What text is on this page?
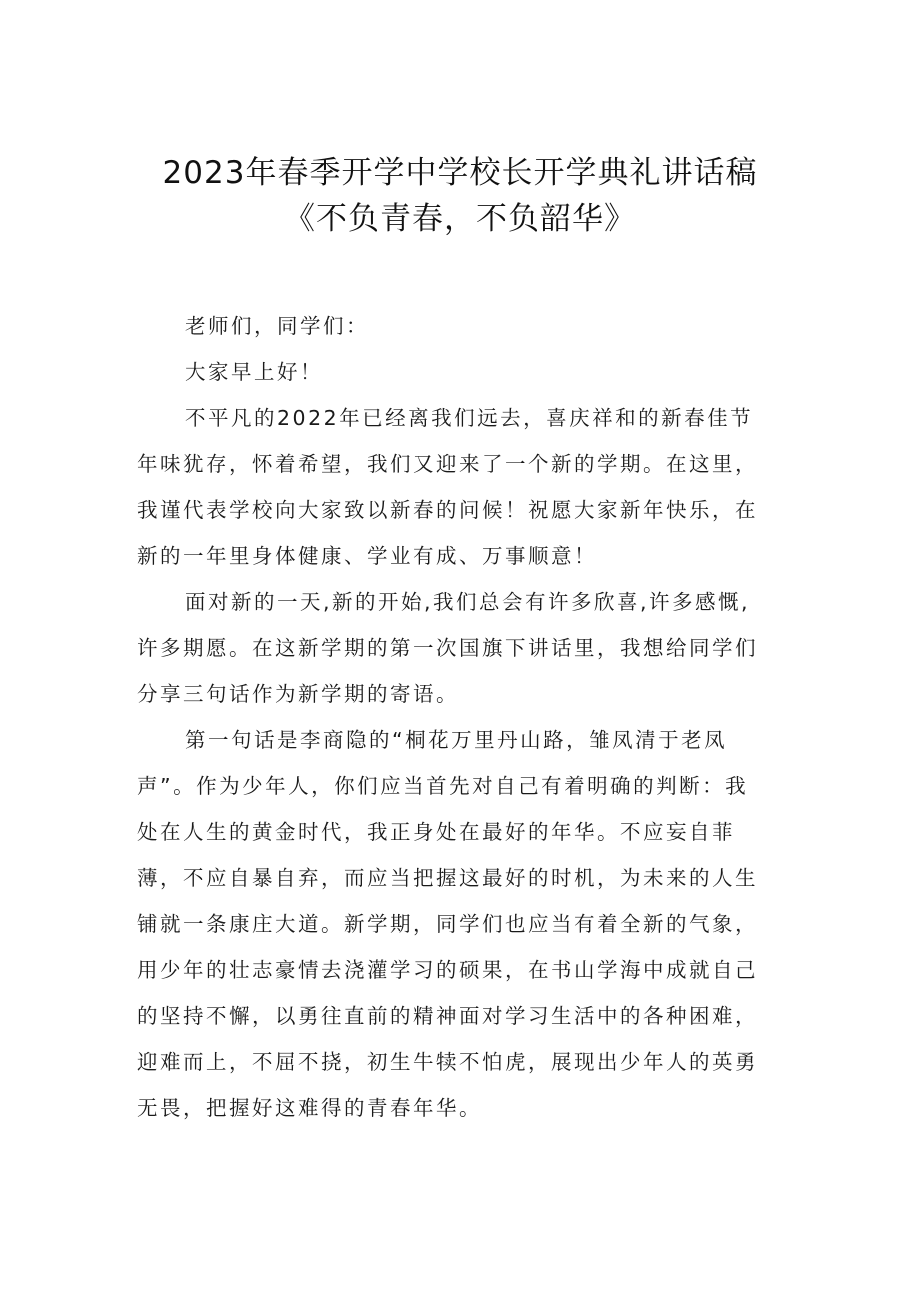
2023年春季开学中学校长开学典礼讲话稿
《不负青春，不负韶华》
老师们，同学们：
大家早上好！
不平凡的2022年已经离我们远去，喜庆祥和的新春佳节
年味犹存，怀着希望，我们又迎来了一个新的学期。在这里，
我谨代表学校向大家致以新春的问候！祝愿大家新年快乐，在
新的一年里身体健康、学业有成、万事顺意！
面对新的一天,新的开始,我们总会有许多欣喜,许多感慨,
许多期愿。在这新学期的第一次国旗下讲话里，我想给同学们
分享三句话作为新学期的寄语。
第一句话是李商隐的“桐花万里丹山路，雏凤清于老凤
声”。作为少年人，你们应当首先对自己有着明确的判断：我
处在人生的黄金时代，我正身处在最好的年华。不应妄自菲
薄，不应自暴自弃，而应当把握这最好的时机，为未来的人生
铺就一条康庄大道。新学期，同学们也应当有着全新的气象，
用少年的壮志豪情去浇灌学习的硕果，在书山学海中成就自己
的坚持不懈，以勇往直前的精神面对学习生活中的各种困难，
迎难而上，不屈不挠，初生牛犊不怕虎，展现出少年人的英勇
无畏，把握好这难得的青春年华。
